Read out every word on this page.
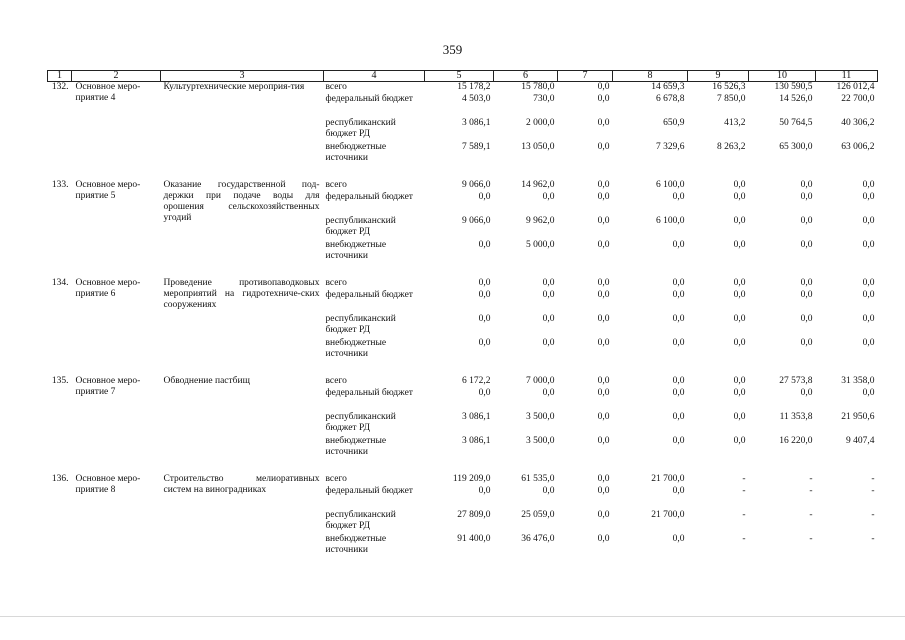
359
1	2	3	4	5	6	7	8	9	10	11
132.	Основное меро-приятие 4	Культуртехнические мероприя-тия	всего	15 178,2	15 780,0	0,0	14 659,3	16 526,3	130 590,5	126 012,4
			федеральный бюджет	4 503,0	730,0	0,0	6 678,8	7 850,0	14 526,0	22 700,0
			республиканский бюджет РД	3 086,1	2 000,0	0,0	650,9	413,2	50 764,5	40 306,2
			внебюджетные источники	7 589,1	13 050,0	0,0	7 329,6	8 263,2	65 300,0	63 006,2

133.	Основное меро-приятие 5	Оказание государственной под-держки при подаче воды для орошения сельскохозяйственных угодий	всего	9 066,0	14 962,0	0,0	6 100,0	0,0	0,0	0,0
			федеральный бюджет	0,0	0,0	0,0	0,0	0,0	0,0	0,0
			республиканский бюджет РД	9 066,0	9 962,0	0,0	6 100,0	0,0	0,0	0,0
			внебюджетные источники	0,0	5 000,0	0,0	0,0	0,0	0,0	0,0

134.	Основное меро-приятие 6	Проведение противопаводковых мероприятий на гидротехниче-ских сооружениях	всего	0,0	0,0	0,0	0,0	0,0	0,0	0,0
			федеральный бюджет	0,0	0,0	0,0	0,0	0,0	0,0	0,0
			республиканский бюджет РД	0,0	0,0	0,0	0,0	0,0	0,0	0,0
			внебюджетные источники	0,0	0,0	0,0	0,0	0,0	0,0	0,0

135.	Основное меро-приятие 7	Обводнение пастбищ	всего	6 172,2	7 000,0	0,0	0,0	0,0	27 573,8	31 358,0
			федеральный бюджет	0,0	0,0	0,0	0,0	0,0	0,0	0,0
			республиканский бюджет РД	3 086,1	3 500,0	0,0	0,0	0,0	11 353,8	21 950,6
			внебюджетные источники	3 086,1	3 500,0	0,0	0,0	0,0	16 220,0	9 407,4

136.	Основное меро-приятие 8	Строительство мелиоративных систем на виноградниках	всего	119 209,0	61 535,0	0,0	21 700,0	-	-	-
			федеральный бюджет	0,0	0,0	0,0	0,0	-	-	-
			республиканский бюджет РД	27 809,0	25 059,0	0,0	21 700,0	-	-	-
			внебюджетные источники	91 400,0	36 476,0	0,0	0,0	-	-	-
